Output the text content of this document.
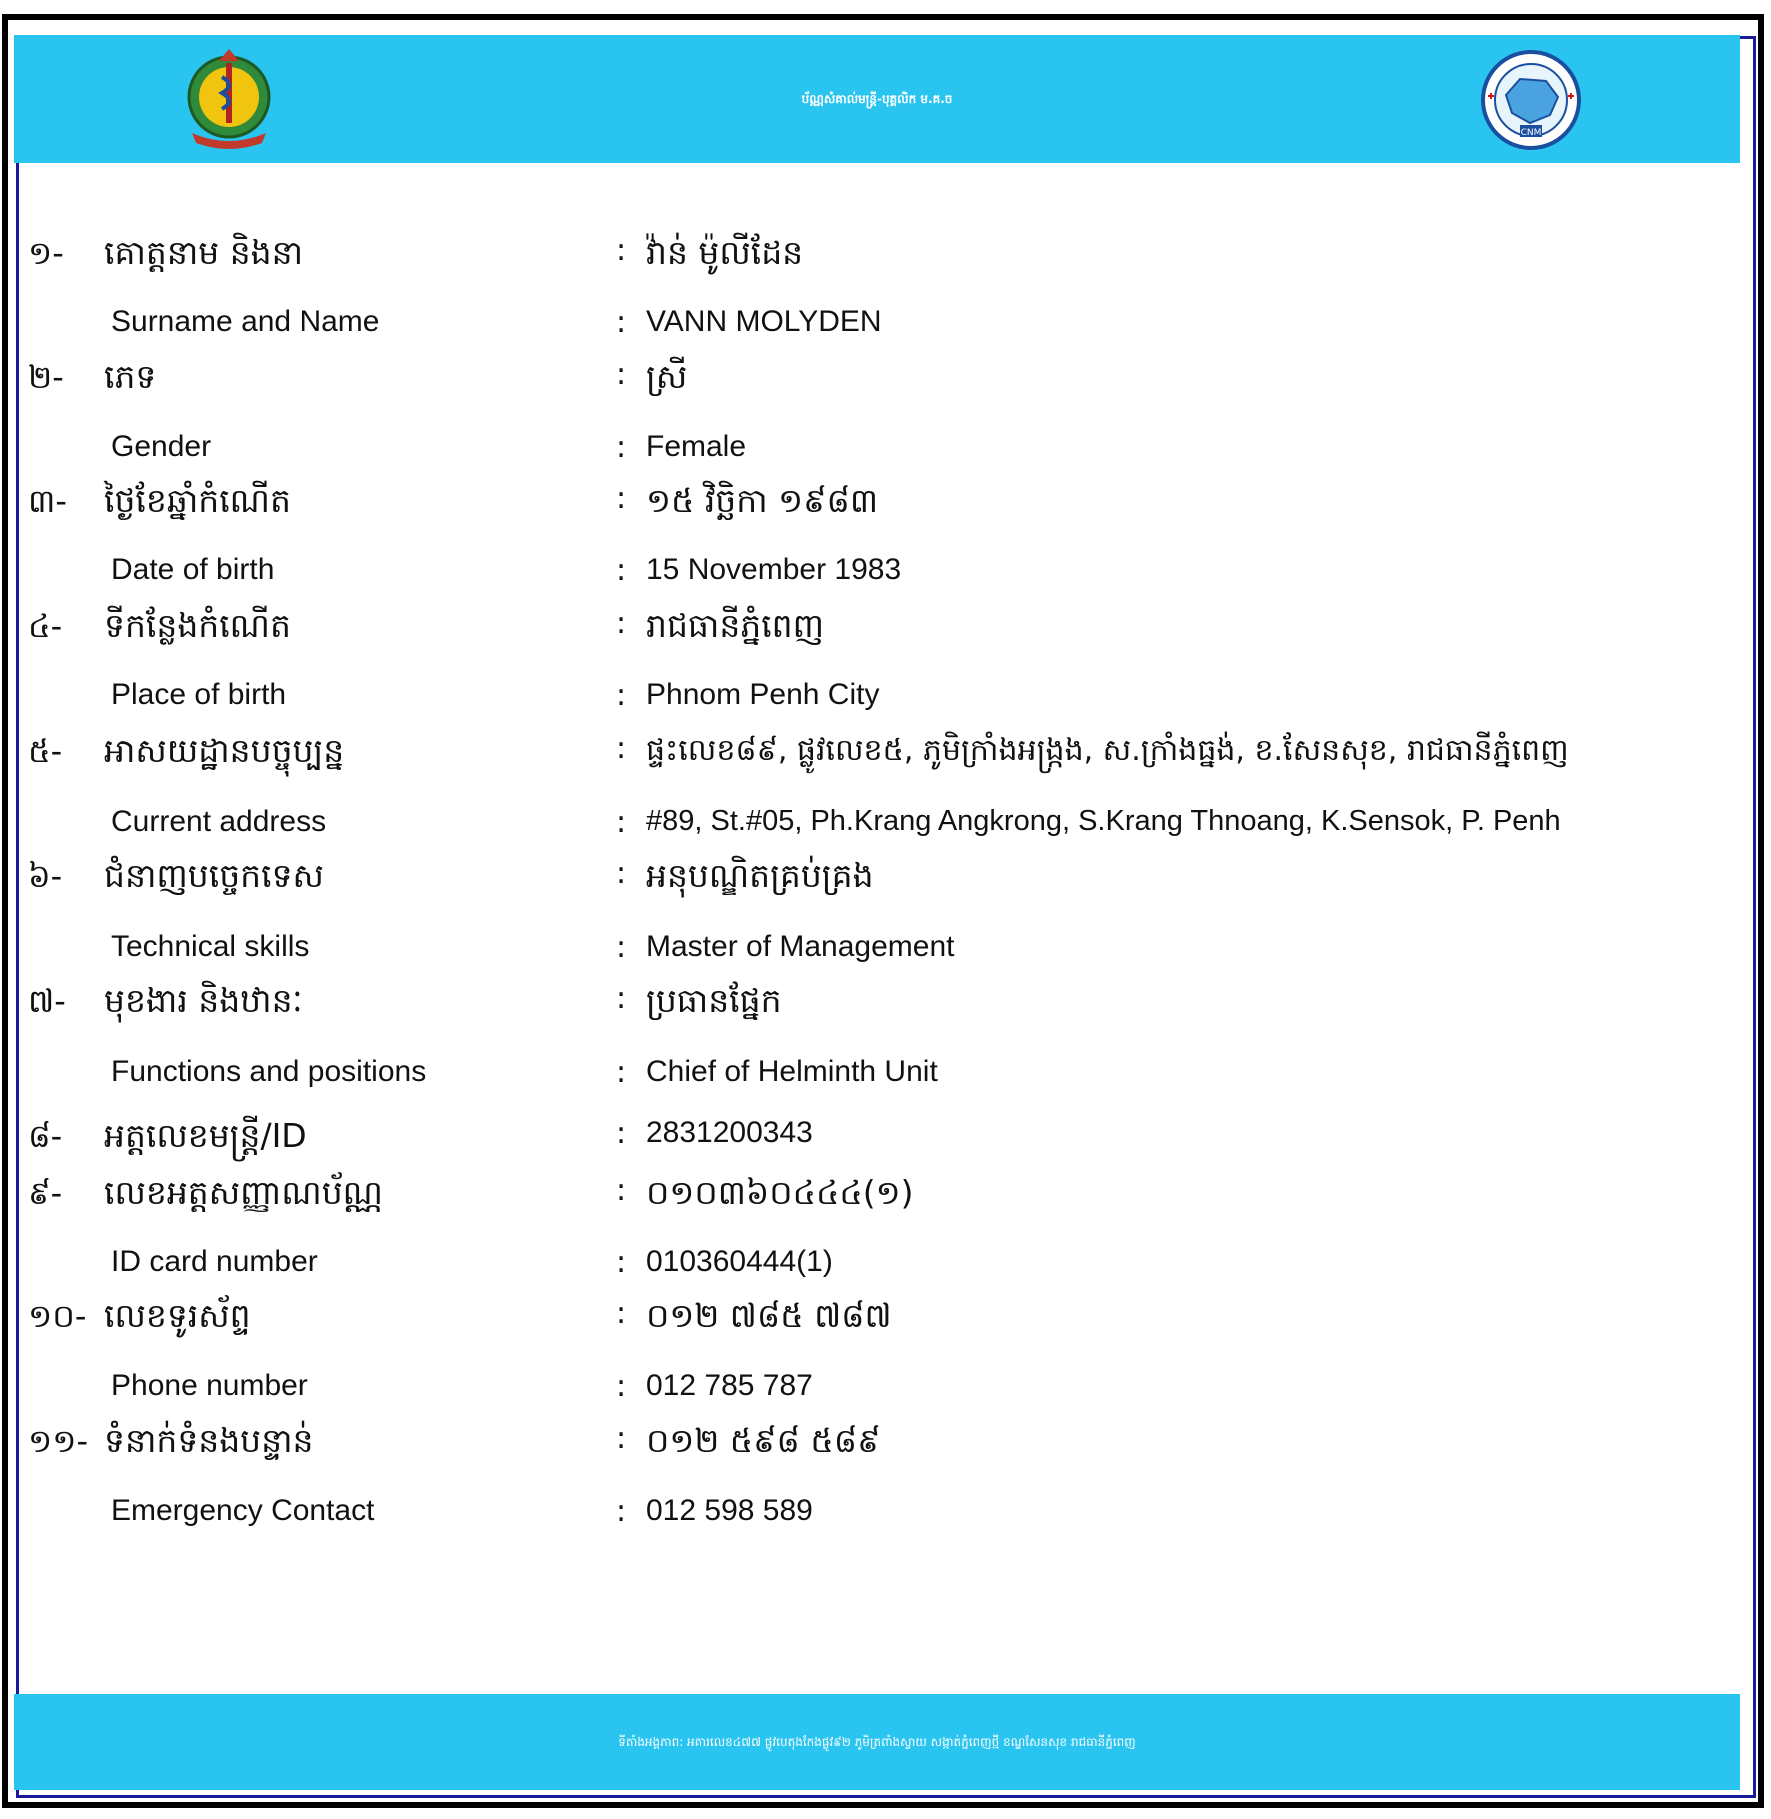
ប័ណ្ណសំគាល់មន្ត្រី-បុគ្គលិក ម.គ.ច
CNM
១- គោត្តនាម និងនា	: វ៉ាន់ ម៉ូលីដែន
Surname and Name	: VANN MOLYDEN
២- ភេទ	: ស្រី
Gender	: Female
៣- ថ្ងៃខែឆ្នាំកំណើត	: ១៥ វិច្ឆិកា ១៩៨៣
Date of birth	: 15 November 1983
៤- ទីកន្លែងកំណើត	: រាជធានីភ្នំពេញ
Place of birth	: Phnom Penh City
៥- អាសយដ្ឋានបច្ចុប្បន្ន	: ផ្ទះលេខ៨៩, ផ្លូវលេខ៥, ភូមិក្រាំងអង្ក្រង, ស.ក្រាំងធ្នង់, ខ.សែនសុខ, រាជធានីភ្នំពេញ
Current address	: #89, St.#05, Ph.Krang Angkrong, S.Krang Thnoang, K.Sensok, P. Penh
៦- ជំនាញបច្ចេកទេស	: អនុបណ្ឌិតគ្រប់គ្រង
Technical skills	: Master of Management
៧- មុខងារ និងឋានៈ	: ប្រធានផ្នែក
Functions and positions	: Chief of Helminth Unit
៨- អត្តលេខមន្ត្រី/ID	: 2831200343
៩- លេខអត្តសញ្ញាណប័ណ្ណ	: ០១០៣៦០៤៤៤(១)
ID card number	: 010360444(1)
១០- លេខទូរស័ព្ទ	: ០១២ ៧៨៥ ៧៨៧
Phone number	: 012 785 787
១១- ទំនាក់ទំនងបន្ទាន់	: ០១២ ៥៩៨ ៥៨៩
Emergency Contact	: 012 598 589
ទីតាំងអង្គភាព: អគារលេខ៤៧៧ ផ្លូវបេតុងកែងផ្លូវ៩២ ភូមិត្រពាំងស្វាយ សង្កាត់ភ្នំពេញថ្មី ខណ្ឌសែនសុខ រាជធានីភ្នំពេញ
